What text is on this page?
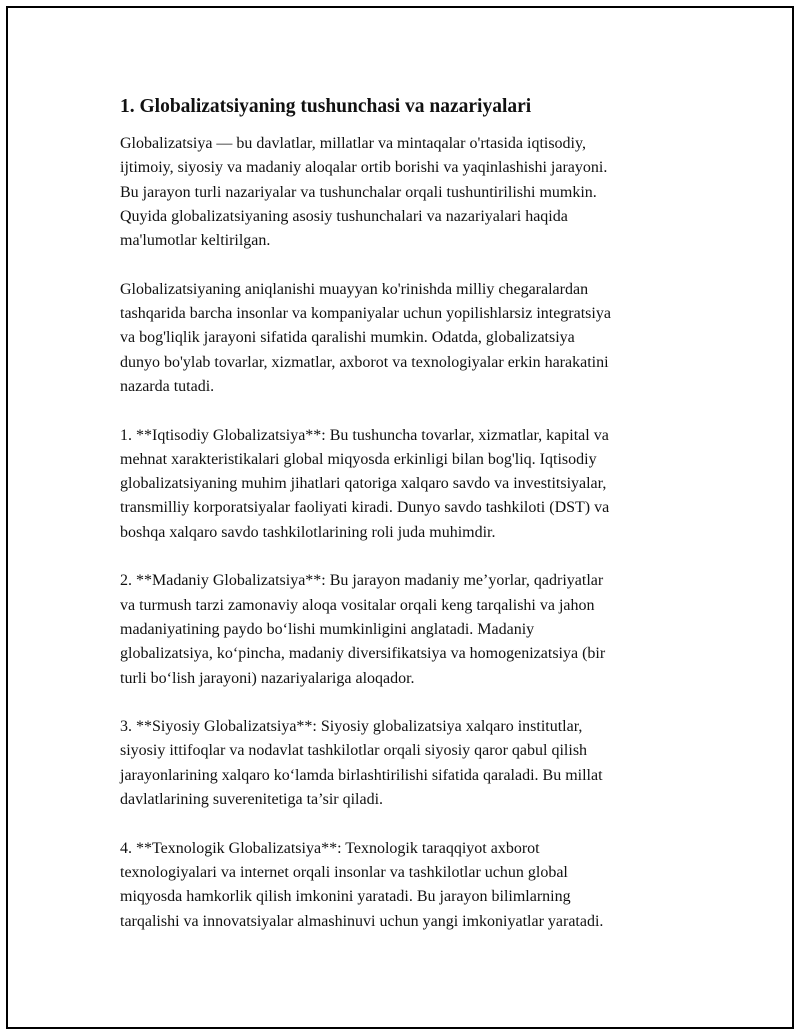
1. Globalizatsiyaning tushunchasi va nazariyalari

Globalizatsiya — bu davlatlar, millatlar va mintaqalar o'rtasida iqtisodiy,
ijtimoiy, siyosiy va madaniy aloqalar ortib borishi va yaqinlashishi jarayoni.
Bu jarayon turli nazariyalar va tushunchalar orqali tushuntirilishi mumkin.
Quyida globalizatsiyaning asosiy tushunchalari va nazariyalari haqida
ma'lumotlar keltirilgan.

Globalizatsiyaning aniqlanishi muayyan ko'rinishda milliy chegaralardan
tashqarida barcha insonlar va kompaniyalar uchun yopilishlarsiz integratsiya
va bog'liqlik jarayoni sifatida qaralishi mumkin. Odatda, globalizatsiya
dunyo bo'ylab tovarlar, xizmatlar, axborot va texnologiyalar erkin harakatini
nazarda tutadi.

1. **Iqtisodiy Globalizatsiya**: Bu tushuncha tovarlar, xizmatlar, kapital va
mehnat xarakteristikalari global miqyosda erkinligi bilan bog'liq. Iqtisodiy
globalizatsiyaning muhim jihatlari qatoriga xalqaro savdo va investitsiyalar,
transmilliy korporatsiyalar faoliyati kiradi. Dunyo savdo tashkiloti (DST) va
boshqa xalqaro savdo tashkilotlarining roli juda muhimdir.

2. **Madaniy Globalizatsiya**: Bu jarayon madaniy me’yorlar, qadriyatlar
va turmush tarzi zamonaviy aloqa vositalar orqali keng tarqalishi va jahon
madaniyatining paydo bo‘lishi mumkinligini anglatadi. Madaniy
globalizatsiya, ko‘pincha, madaniy diversifikatsiya va homogenizatsiya (bir
turli bo‘lish jarayoni) nazariyalariga aloqador.

3. **Siyosiy Globalizatsiya**: Siyosiy globalizatsiya xalqaro institutlar,
siyosiy ittifoqlar va nodavlat tashkilotlar orqali siyosiy qaror qabul qilish
jarayonlarining xalqaro ko‘lamda birlashtirilishi sifatida qaraladi. Bu millat
davlatlarining suverenitetiga ta’sir qiladi.

4. **Texnologik Globalizatsiya**: Texnologik taraqqiyot axborot
texnologiyalari va internet orqali insonlar va tashkilotlar uchun global
miqyosda hamkorlik qilish imkonini yaratadi. Bu jarayon bilimlarning
tarqalishi va innovatsiyalar almashinuvi uchun yangi imkoniyatlar yaratadi.
